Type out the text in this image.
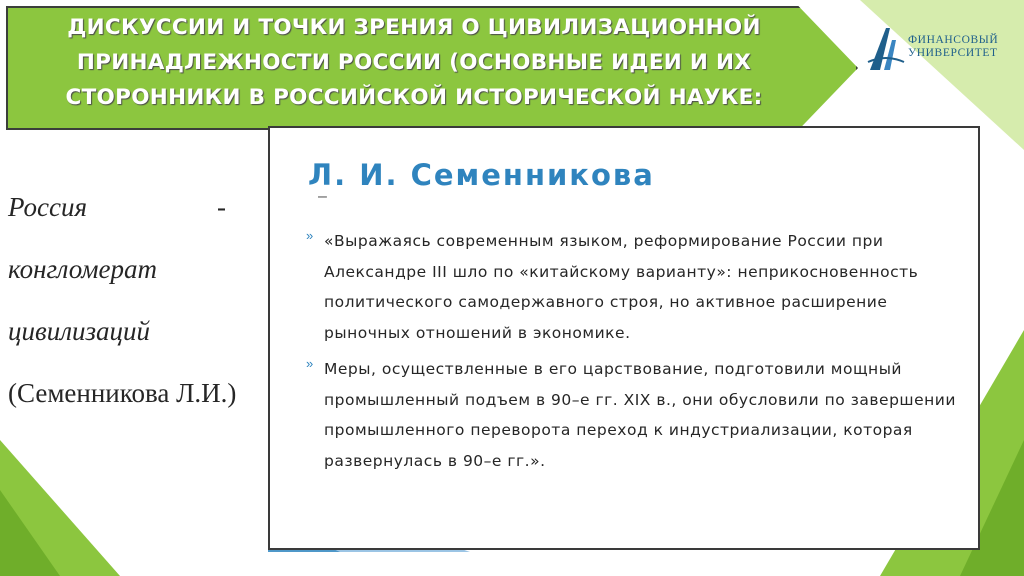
ДИСКУССИИ И ТОЧКИ ЗРЕНИЯ О ЦИВИЛИЗАЦИОННОЙ ПРИНАДЛЕЖНОСТИ РОССИИ (ОСНОВНЫЕ ИДЕИ И ИХ СТОРОННИКИ В РОССИЙСКОЙ ИСТОРИЧЕСКОЙ НАУКЕ:
ФИНАНСОВЫЙ
УНИВЕРСИТЕТ
Россия	-
конгломерат
цивилизаций
(Семенникова Л.И.)
Л. И. Семенникова
–
» «Выражаясь современным языком, реформирование России при Александре III шло по «китайскому варианту»: неприкосновенность политического самодержавного строя, но активное расширение рыночных отношений в экономике.
» Меры, осуществленные в его царствование, подготовили мощный промышленный подъем в 90–е гг. XIX в., они обусловили по завершении промышленного переворота переход к индустриализации, которая развернулась в 90–е гг.».
